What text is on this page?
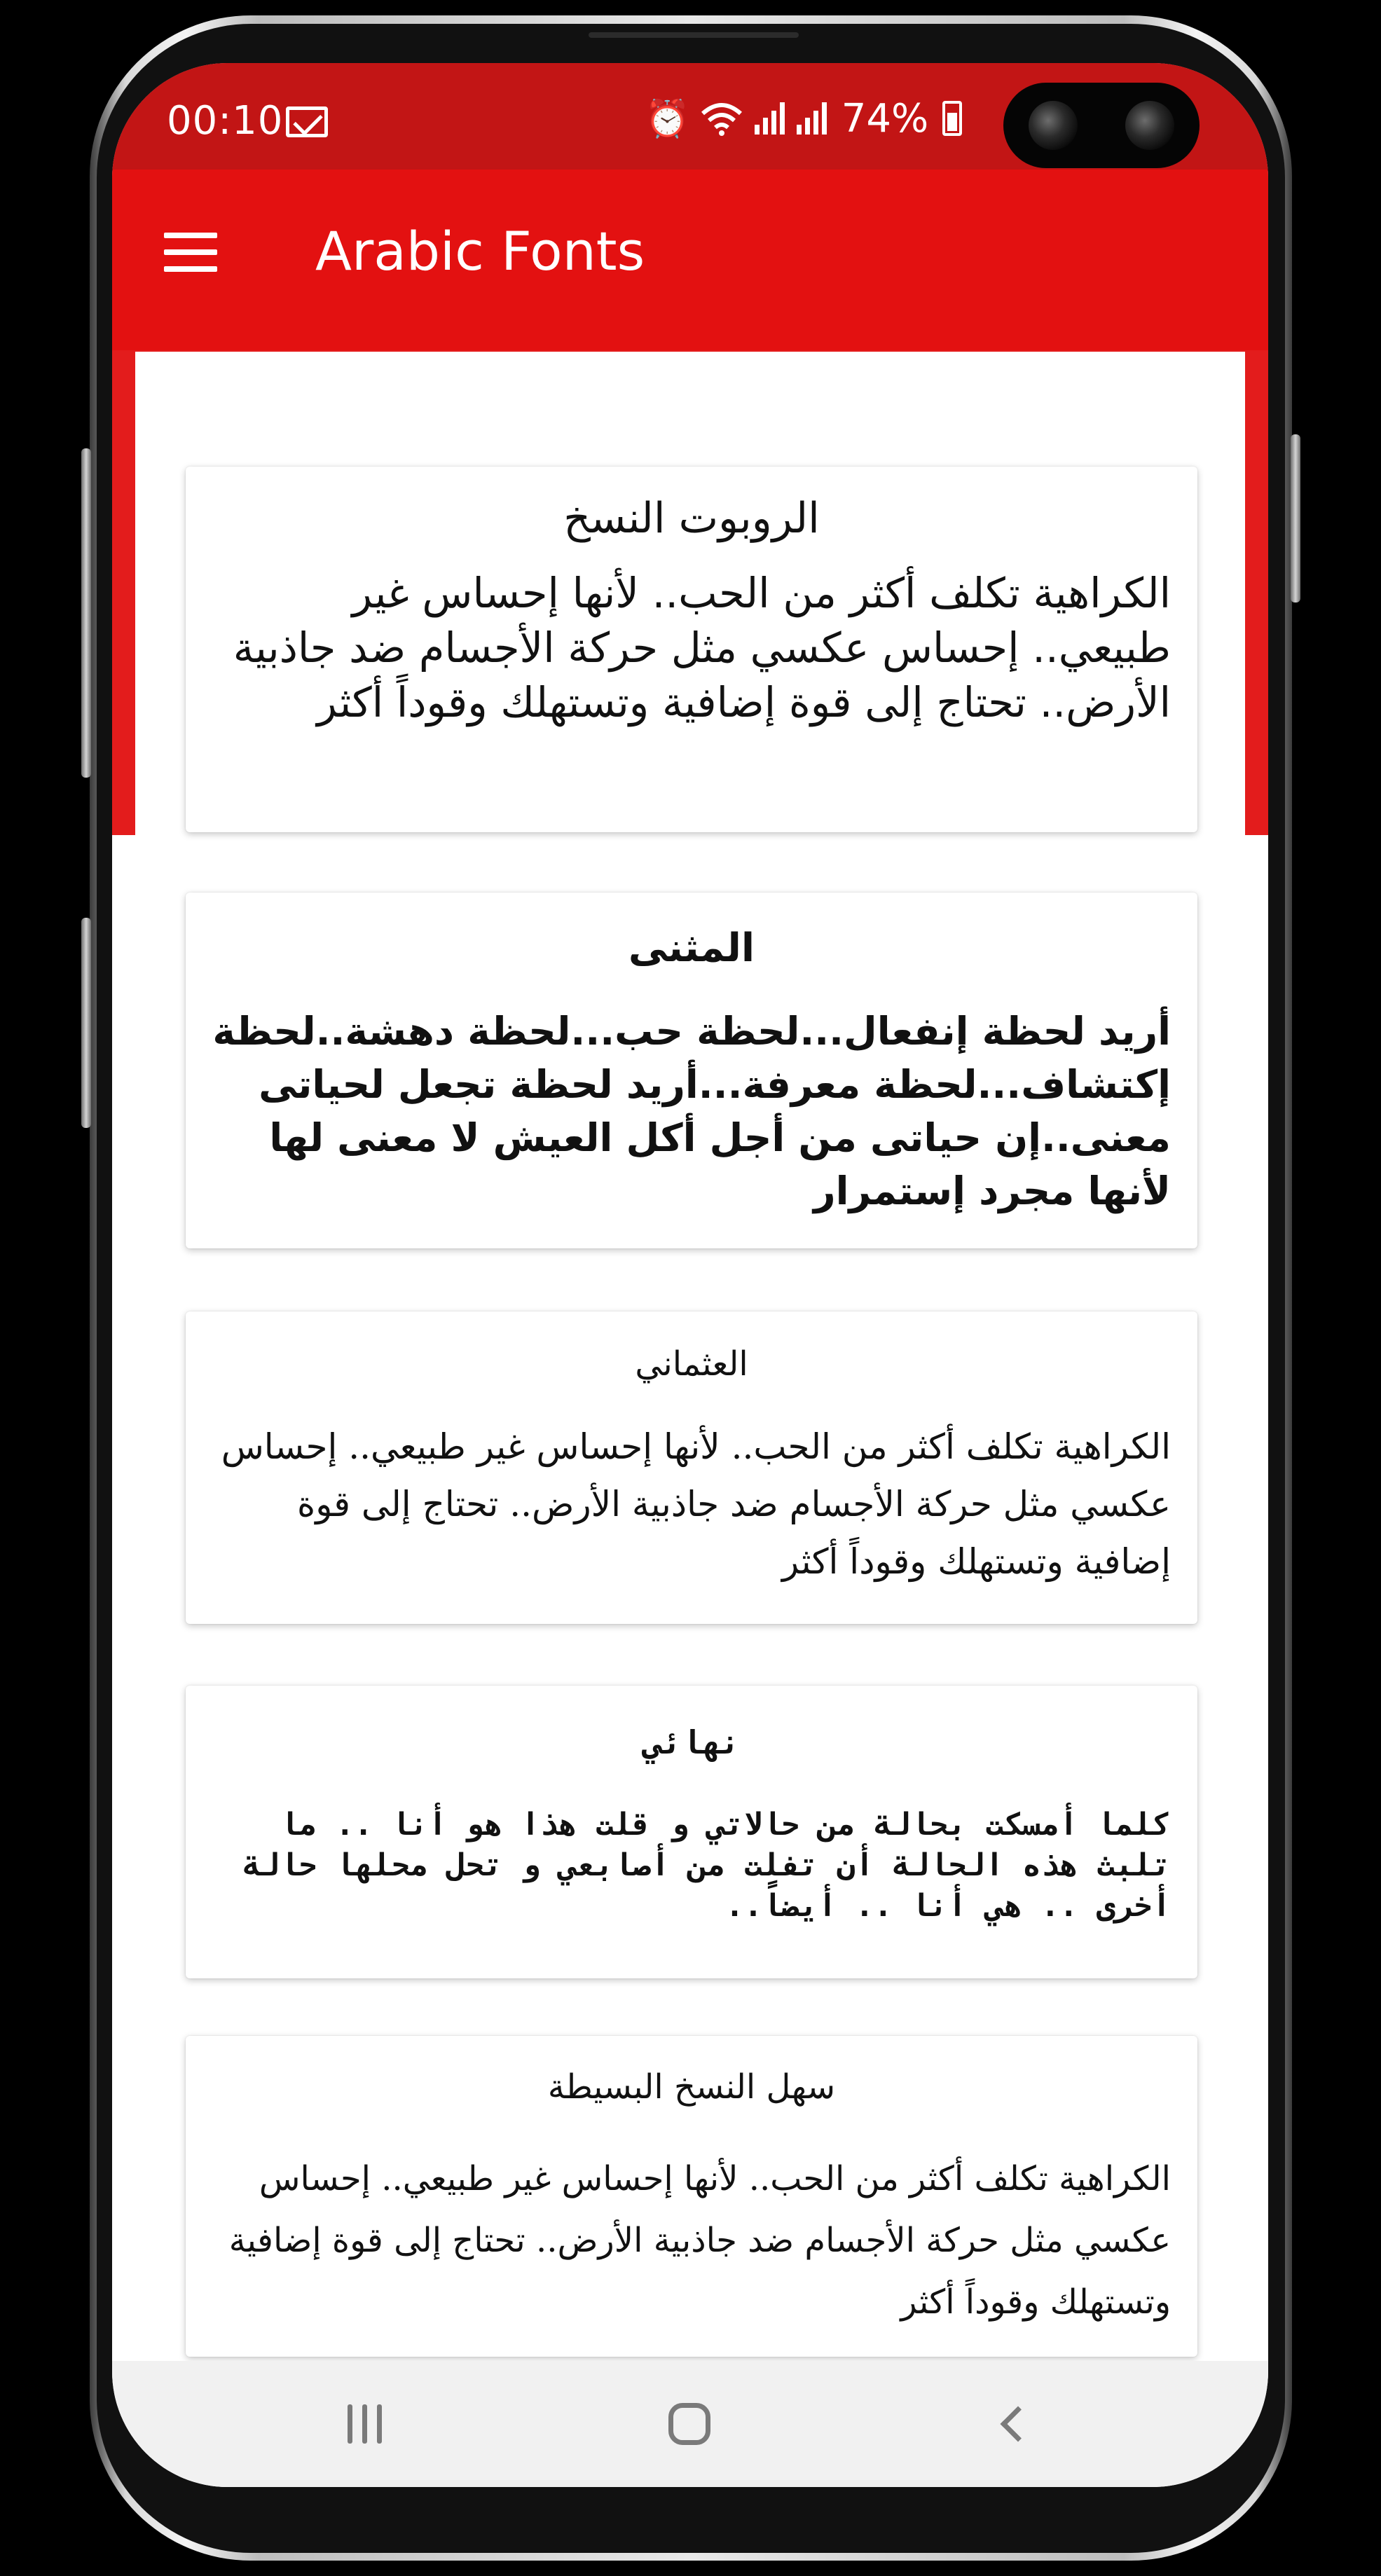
00:10	⏰	74%
Arabic Fonts
الروبوت النسخ
الكراهية تكلف أكثر من الحب.. لأنها إحساس غير طبيعي.. إحساس عكسي مثل حركة الأجسام ضد جاذبية الأرض.. تحتاج إلى قوة إضافية وتستهلك وقوداً أكثر
المثنى
أريد لحظة إنفعال...لحظة حب...لحظة دهشة..لحظة إكتشاف...لحظة معرفة...أريد لحظة تجعل لحياتى معنى..إن حياتى من أجل أكل العيش لا معنى لها لأنها مجرد إستمرار
العثماني
الكراهية تكلف أكثر من الحب.. لأنها إحساس غير طبيعي.. إحساس عكسي مثل حركة الأجسام ضد جاذبية الأرض.. تحتاج إلى قوة إضافية وتستهلك وقوداً أكثر
نهائي
كلما أمسكت بحالة من حالاتي و قلت هذا هو أنا .. ما تلبث هذه الحالة أن تفلت من أصابعي و تحل محلها حالة أخرى .. هي أنا .. أيضاً..
سهل النسخ البسيطة
الكراهية تكلف أكثر من الحب.. لأنها إحساس غير طبيعي.. إحساس عكسي مثل حركة الأجسام ضد جاذبية الأرض.. تحتاج إلى قوة إضافية وتستهلك وقوداً أكثر
